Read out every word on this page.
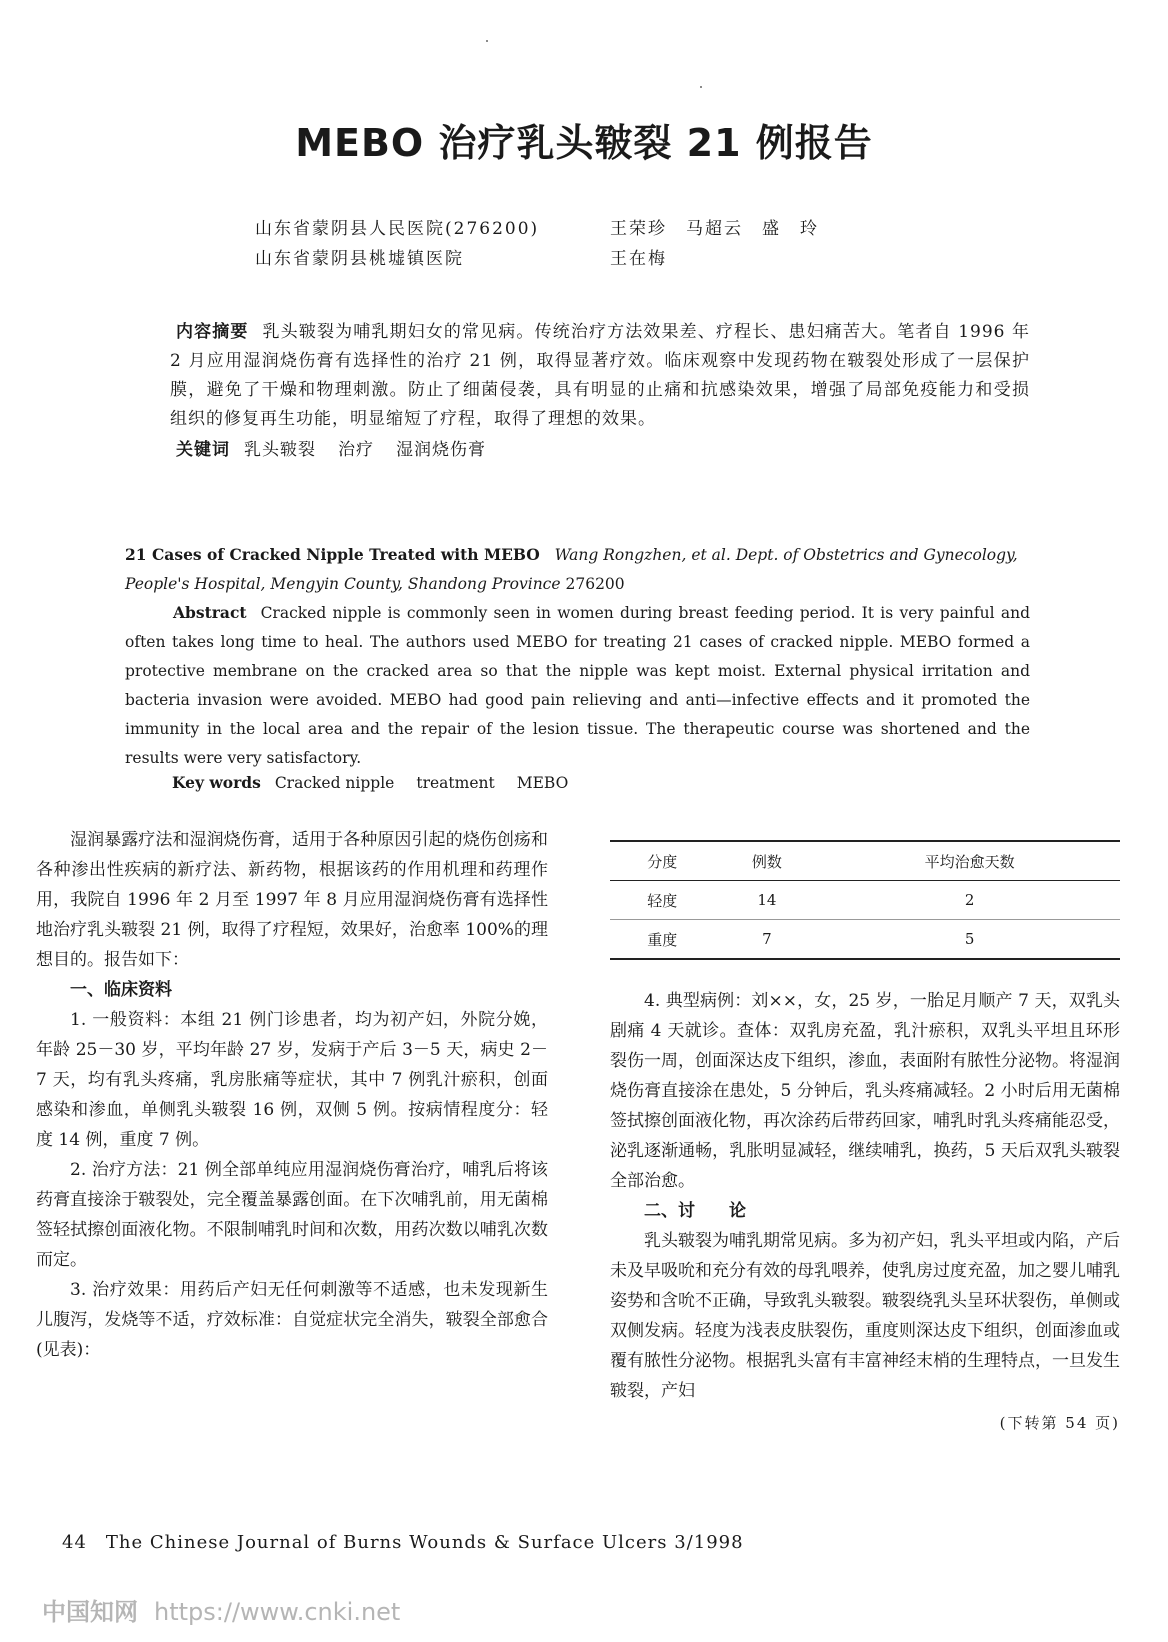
MEBO 治疗乳头皲裂 21 例报告
山东省蒙阴县人民医院(276200)	王荣珍　马超云　盛　玲
山东省蒙阴县桃墟镇医院	王在梅

内容摘要 乳头皲裂为哺乳期妇女的常见病。传统治疗方法效果差、疗程长、患妇痛苦大。笔者自 1996 年 2 月应用湿润烧伤膏有选择性的治疗 21 例，取得显著疗效。临床观察中发现药物在皲裂处形成了一层保护膜，避免了干燥和物理刺激。防止了细菌侵袭，具有明显的止痛和抗感染效果，增强了局部免疫能力和受损组织的修复再生功能，明显缩短了疗程，取得了理想的效果。

关键词 乳头皲裂 治疗 湿润烧伤膏

21 Cases of Cracked Nipple Treated with MEBO Wang Rongzhen, et al. Dept. of Obstetrics and Gynecology, People's Hospital, Mengyin County, Shandong Province 276200

Abstract Cracked nipple is commonly seen in women during breast feeding period. It is very painful and often takes long time to heal. The authors used MEBO for treating 21 cases of cracked nipple. MEBO formed a protective membrane on the cracked area so that the nipple was kept moist. External physical irritation and bacteria invasion were avoided. MEBO had good pain relieving and anti—infective effects and it promoted the immunity in the local area and the repair of the lesion tissue. The therapeutic course was shortened and the results were very satisfactory.

Key words Cracked nipple treatment MEBO

湿润暴露疗法和湿润烧伤膏，适用于各种原因引起的烧伤创疡和各种渗出性疾病的新疗法、新药物，根据该药的作用机理和药理作用，我院自 1996 年 2 月至 1997 年 8 月应用湿润烧伤膏有选择性地治疗乳头皲裂 21 例，取得了疗程短，效果好，治愈率 100%的理想目的。报告如下：

一、临床资料

1. 一般资料：本组 21 例门诊患者，均为初产妇，外院分娩，年龄 25－30 岁，平均年龄 27 岁，发病于产后 3－5 天，病史 2－7 天，均有乳头疼痛，乳房胀痛等症状，其中 7 例乳汁瘀积，创面感染和渗血，单侧乳头皲裂 16 例，双侧 5 例。按病情程度分：轻度 14 例，重度 7 例。

2. 治疗方法：21 例全部单纯应用湿润烧伤膏治疗，哺乳后将该药膏直接涂于皲裂处，完全覆盖暴露创面。在下次哺乳前，用无菌棉签轻拭擦创面液化物。不限制哺乳时间和次数，用药次数以哺乳次数而定。

3. 治疗效果：用药后产妇无任何刺激等不适感，也未发现新生儿腹泻，发烧等不适，疗效标准：自觉症状完全消失，皲裂全部愈合(见表)：

分度	例数	平均治愈天数
轻度	14	2
重度	7	5

4. 典型病例：刘××，女，25 岁，一胎足月顺产 7 天，双乳头剧痛 4 天就诊。查体：双乳房充盈，乳汁瘀积，双乳头平坦且环形裂伤一周，创面深达皮下组织，渗血，表面附有脓性分泌物。将湿润烧伤膏直接涂在患处，5 分钟后，乳头疼痛减轻。2 小时后用无菌棉签拭擦创面液化物，再次涂药后带药回家，哺乳时乳头疼痛能忍受，泌乳逐渐通畅，乳胀明显减轻，继续哺乳，换药，5 天后双乳头皲裂全部治愈。

二、讨　　论

乳头皲裂为哺乳期常见病。多为初产妇，乳头平坦或内陷，产后未及早吸吮和充分有效的母乳喂养，使乳房过度充盈，加之婴儿哺乳姿势和含吮不正确，导致乳头皲裂。皲裂绕乳头呈环状裂伤，单侧或双侧发病。轻度为浅表皮肤裂伤，重度则深达皮下组织，创面渗血或覆有脓性分泌物。根据乳头富有丰富神经末梢的生理特点，一旦发生皲裂，产妇

(下转第 54 页)
44　The Chinese Journal of Burns Wounds & Surface Ulcers 3/1998
中国知网 https://www.cnki.net
